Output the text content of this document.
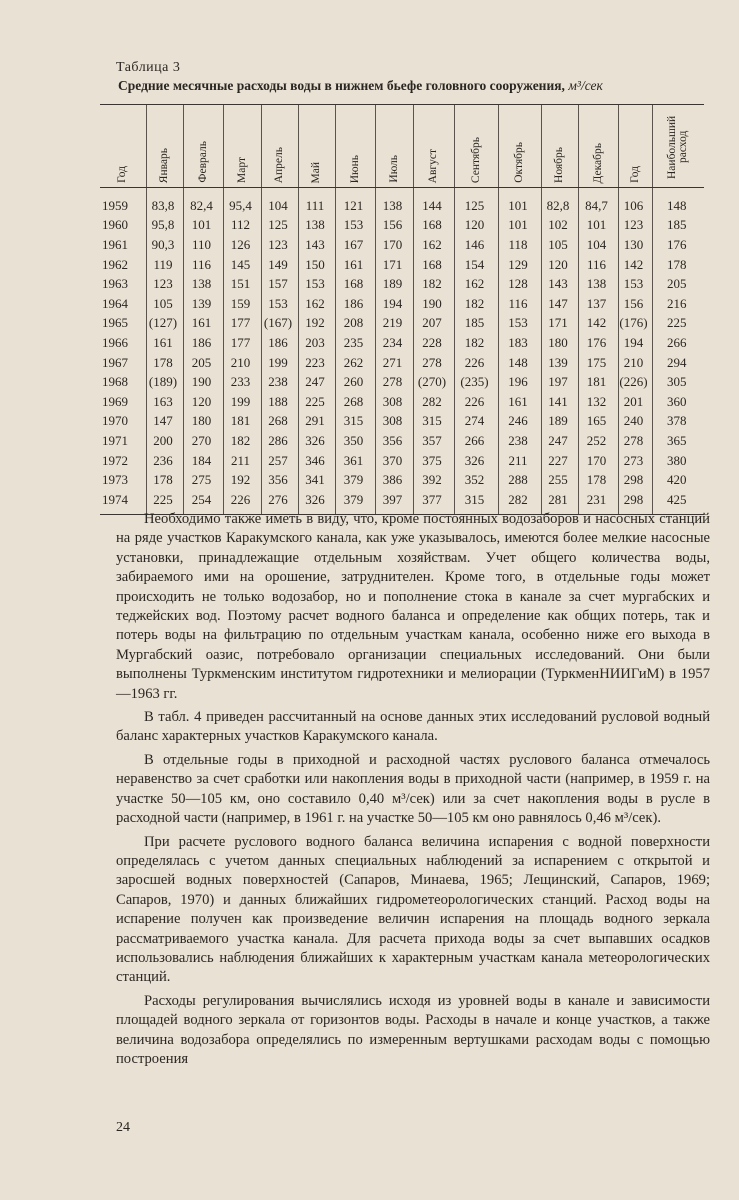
Таблица 3
Средние месячные расходы воды в нижнем бьефе головного сооружения, м³/сек
Год	Январь	Февраль	Март	Апрель	Май	Июнь	Июль	Август	Сентябрь	Октябрь	Ноябрь	Декабрь	Год	Наибольший расход
1959	83,8	82,4	95,4	104	111	121	138	144	125	101	82,8	84,7	106	148
1960	95,8	101	112	125	138	153	156	168	120	101	102	101	123	185
1961	90,3	110	126	123	143	167	170	162	146	118	105	104	130	176
1962	119	116	145	149	150	161	171	168	154	129	120	116	142	178
1963	123	138	151	157	153	168	189	182	162	128	143	138	153	205
1964	105	139	159	153	162	186	194	190	182	116	147	137	156	216
1965	(127)	161	177	(167)	192	208	219	207	185	153	171	142	(176)	225
1966	161	186	177	186	203	235	234	228	182	183	180	176	194	266
1967	178	205	210	199	223	262	271	278	226	148	139	175	210	294
1968	(189)	190	233	238	247	260	278	(270)	(235)	196	197	181	(226)	305
1969	163	120	199	188	225	268	308	282	226	161	141	132	201	360
1970	147	180	181	268	291	315	308	315	274	246	189	165	240	378
1971	200	270	182	286	326	350	356	357	266	238	247	252	278	365
1972	236	184	211	257	346	361	370	375	326	211	227	170	273	380
1973	178	275	192	356	341	379	386	392	352	288	255	178	298	420
1974	225	254	226	276	326	379	397	377	315	282	281	231	298	425

Необходимо также иметь в виду, что, кроме постоянных водозаборов и насосных станций на ряде участков Каракумского канала, как уже указывалось, имеются более мелкие насосные установки, принадлежащие отдельным хозяйствам. Учет общего количества воды, забираемого ими на орошение, затруднителен. Кроме того, в отдельные годы может происходить не только водозабор, но и пополнение стока в канале за счет мургабских и теджейских вод. Поэтому расчет водного баланса и определение как общих потерь, так и потерь воды на фильтрацию по отдельным участкам канала, особенно ниже его выхода в Мургабский оазис, потребовало организации специальных исследований. Они были выполнены Туркменским институтом гидротехники и мелиорации (ТуркменНИИГиМ) в 1957—1963 гг.

В табл. 4 приведен рассчитанный на основе данных этих исследований русловой водный баланс характерных участков Каракумского канала.

В отдельные годы в приходной и расходной частях руслового баланса отмечалось неравенство за счет сработки или накопления воды в приходной части (например, в 1959 г. на участке 50—105 км, оно составило 0,40 м³/сек) или за счет накопления воды в русле в расходной части (например, в 1961 г. на участке 50—105 км оно равнялось 0,46 м³/сек).

При расчете руслового водного баланса величина испарения с водной поверхности определялась с учетом данных специальных наблюдений за испарением с открытой и заросшей водных поверхностей (Сапаров, Минаева, 1965; Лещинский, Сапаров, 1969; Сапаров, 1970) и данных ближайших гидрометеорологических станций. Расход воды на испарение получен как произведение величин испарения на площадь водного зеркала рассматриваемого участка канала. Для расчета прихода воды за счет выпавших осадков использовались наблюдения ближайших к характерным участкам канала метеорологических станций.

Расходы регулирования вычислялись исходя из уровней воды в канале и зависимости площадей водного зеркала от горизонтов воды. Расходы в начале и конце участков, а также величина водозабора определялись по измеренным вертушками расходам воды с помощью построения

24
